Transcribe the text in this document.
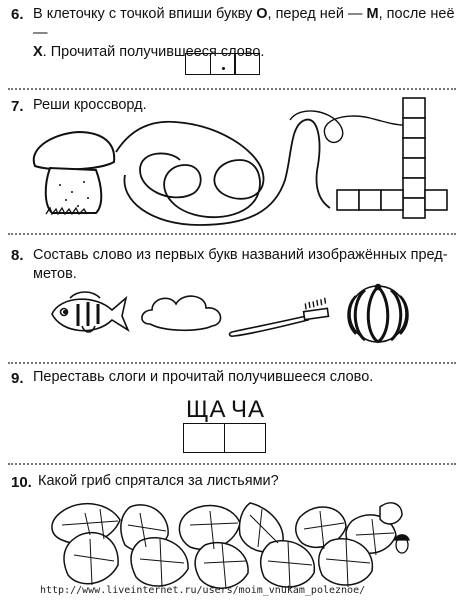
6. В клеточку с точкой впиши букву О, перед ней — М, после неё —
Х. Прочитай получившееся слово.
7. Реши кроссворд.
8. Составь слово из первых букв названий изображённых пред-
метов.
9. Переставь слоги и прочитай получившееся слово.
ЩА ЧА
10. Какой гриб спрятался за листьями?
http://www.liveinternet.ru/users/moim_vnukam_poleznoe/
